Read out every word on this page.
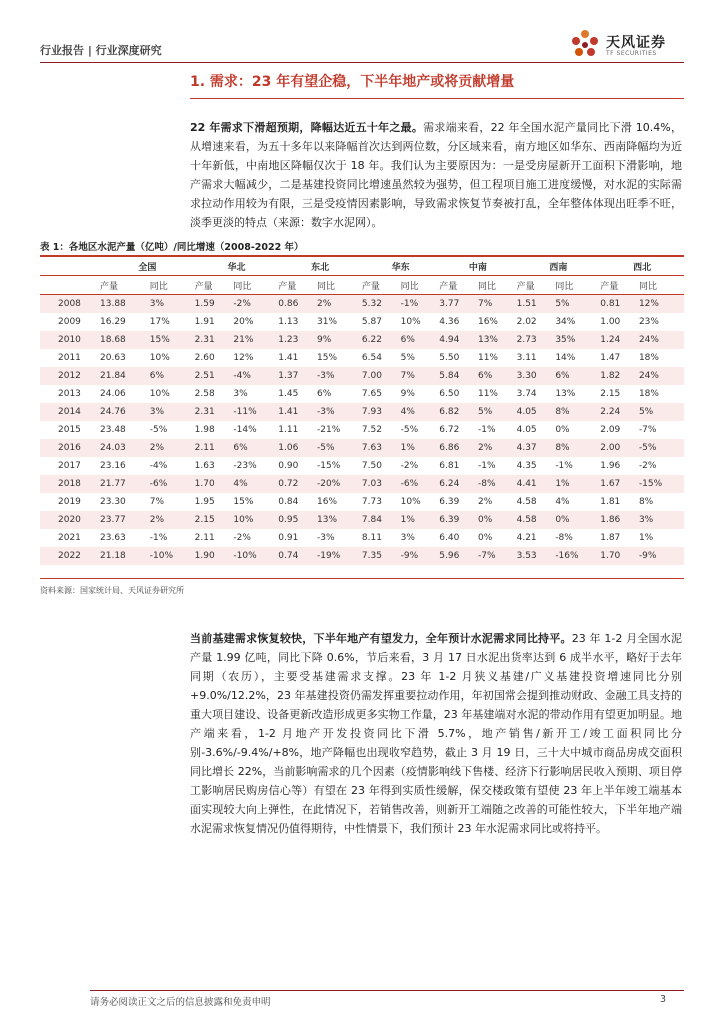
行业报告 | 行业深度研究	天风证券
TF SECURITIES
1. 需求：23 年有望企稳，下半年地产或将贡献增量
22 年需求下滑超预期，降幅达近五十年之最。需求端来看，22 年全国水泥产量同比下滑 10.4%，从增速来看，为五十多年以来降幅首次达到两位数，分区域来看，南方地区如华东、西南降幅均为近十年新低，中南地区降幅仅次于 18 年。我们认为主要原因为：一是受房屋新开工面积下滑影响，地产需求大幅减少，二是基建投资同比增速虽然较为强势，但工程项目施工进度缓慢，对水泥的实际需求拉动作用较为有限，三是受疫情因素影响，导致需求恢复节奏被打乱，全年整体体现出旺季不旺，淡季更淡的特点（来源：数字水泥网）。
表 1：各地区水泥产量（亿吨）/同比增速（2008-2022 年）
	全国		华北		东北		华东		中南		西南		西北	
	产量	同比	产量	同比	产量	同比	产量	同比	产量	同比	产量	同比	产量	同比
2008	13.88	3%	1.59	-2%	0.86	2%	5.32	-1%	3.77	7%	1.51	5%	0.81	12%
2009	16.29	17%	1.91	20%	1.13	31%	5.87	10%	4.36	16%	2.02	34%	1.00	23%
2010	18.68	15%	2.31	21%	1.23	9%	6.22	6%	4.94	13%	2.73	35%	1.24	24%
2011	20.63	10%	2.60	12%	1.41	15%	6.54	5%	5.50	11%	3.11	14%	1.47	18%
2012	21.84	6%	2.51	-4%	1.37	-3%	7.00	7%	5.84	6%	3.30	6%	1.82	24%
2013	24.06	10%	2.58	3%	1.45	6%	7.65	9%	6.50	11%	3.74	13%	2.15	18%
2014	24.76	3%	2.31	-11%	1.41	-3%	7.93	4%	6.82	5%	4.05	8%	2.24	5%
2015	23.48	-5%	1.98	-14%	1.11	-21%	7.52	-5%	6.72	-1%	4.05	0%	2.09	-7%
2016	24.03	2%	2.11	6%	1.06	-5%	7.63	1%	6.86	2%	4.37	8%	2.00	-5%
2017	23.16	-4%	1.63	-23%	0.90	-15%	7.50	-2%	6.81	-1%	4.35	-1%	1.96	-2%
2018	21.77	-6%	1.70	4%	0.72	-20%	7.03	-6%	6.24	-8%	4.41	1%	1.67	-15%
2019	23.30	7%	1.95	15%	0.84	16%	7.73	10%	6.39	2%	4.58	4%	1.81	8%
2020	23.77	2%	2.15	10%	0.95	13%	7.84	1%	6.39	0%	4.58	0%	1.86	3%
2021	23.63	-1%	2.11	-2%	0.91	-3%	8.11	3%	6.40	0%	4.21	-8%	1.87	1%
2022	21.18	-10%	1.90	-10%	0.74	-19%	7.35	-9%	5.96	-7%	3.53	-16%	1.70	-9%
资料来源：国家统计局、天风证券研究所
当前基建需求恢复较快，下半年地产有望发力，全年预计水泥需求同比持平。23 年 1-2 月全国水泥产量 1.99 亿吨，同比下降 0.6%，节后来看，3 月 17 日水泥出货率达到 6 成半水平，略好于去年同期（农历），主要受基建需求支撑。23 年 1-2 月狭义基建/广义基建投资增速同比分别+9.0%/12.2%，23 年基建投资仍需发挥重要拉动作用，年初国常会提到推动财政、金融工具支持的重大项目建设、设备更新改造形成更多实物工作量，23 年基建端对水泥的带动作用有望更加明显。地产端来看，1-2 月地产开发投资同比下滑 5.7%，地产销售/新开工/竣工面积同比分别-3.6%/-9.4%/+8%，地产降幅也出现收窄趋势，截止 3 月 19 日，三十大中城市商品房成交面积同比增长 22%，当前影响需求的几个因素（疫情影响线下售楼、经济下行影响居民收入预期、项目停工影响居民购房信心等）有望在 23 年得到实质性缓解，保交楼政策有望使 23 年上半年竣工端基本面实现较大向上弹性，在此情况下，若销售改善，则新开工端随之改善的可能性较大，下半年地产端水泥需求恢复情况仍值得期待，中性情景下，我们预计 23 年水泥需求同比或将持平。
请务必阅读正文之后的信息披露和免责申明	3
